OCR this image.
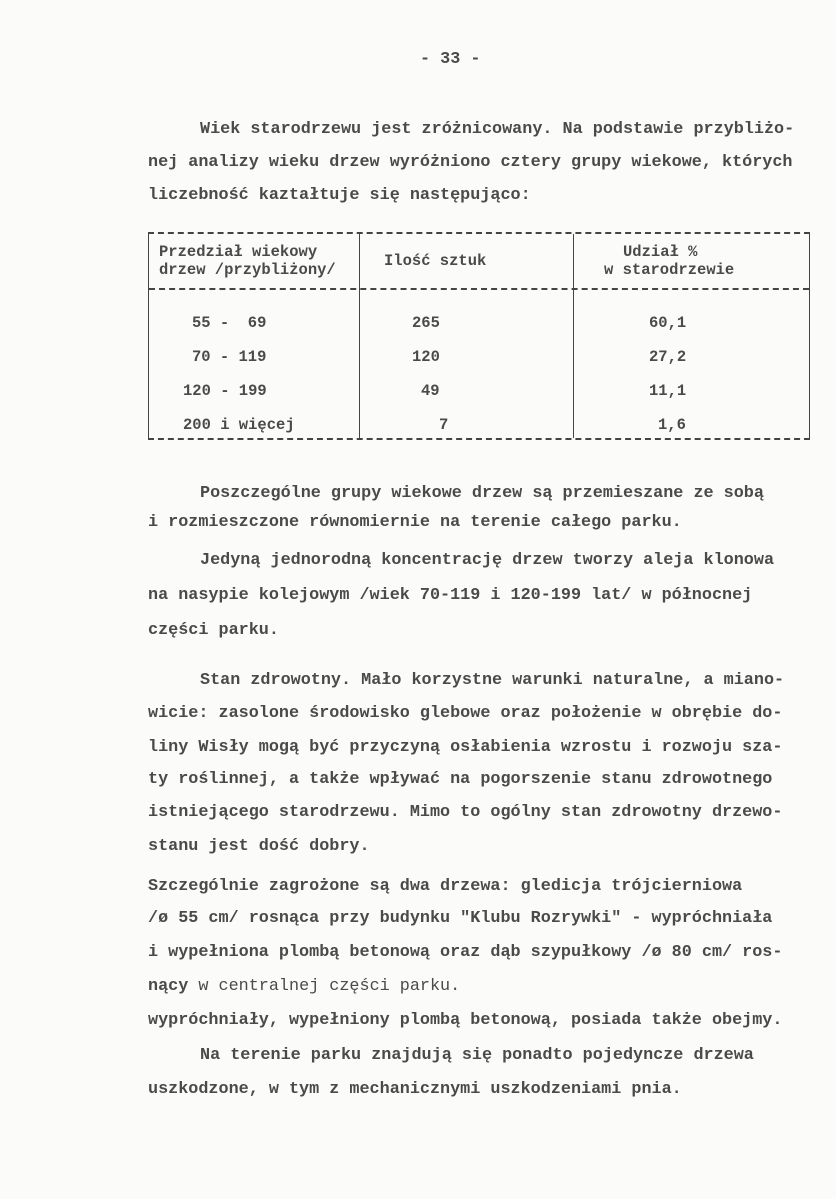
- 33 -
Wiek starodrzewu jest zróżnicowany. Na podstawie przybliżo-
nej analizy wieku drzew wyróżniono cztery grupy wiekowe, których
liczebność kaztałtuje się następująco:
Przedział wiekowy
drzew /przybliżony/	Ilość sztuk	Udział %
w starodrzewie
55 -  69	265	60,1
70 - 119	120	27,2
120 - 199	49	11,1
200 i więcej	7	1,6
Poszczególne grupy wiekowe drzew są przemieszane ze sobą
i rozmieszczone równomiernie na terenie całego parku.
Jedyną jednorodną koncentrację drzew tworzy aleja klonowa
na nasypie kolejowym /wiek 70-119 i 120-199 lat/ w północnej
części parku.
Stan zdrowotny. Mało korzystne warunki naturalne, a miano-
wicie: zasolone środowisko glebowe oraz położenie w obrębie do-
liny Wisły mogą być przyczyną osłabienia wzrostu i rozwoju sza-
ty roślinnej, a także wpływać na pogorszenie stanu zdrowotnego
istniejącego starodrzewu. Mimo to ogólny stan zdrowotny drzewo-
stanu jest dość dobry.
Szczególnie zagrożone są dwa drzewa: gledicja trójcierniowa
/ø 55 cm/ rosnąca przy budynku "Klubu Rozrywki" - wypróchniała
i wypełniona plombą betonową oraz dąb szypułkowy /ø 80 cm/ ros-
nący w centralnej części parku.
wypróchniały, wypełniony plombą betonową, posiada także obejmy.
Na terenie parku znajdują się ponadto pojedyncze drzewa
uszkodzone, w tym z mechanicznymi uszkodzeniami pnia.
